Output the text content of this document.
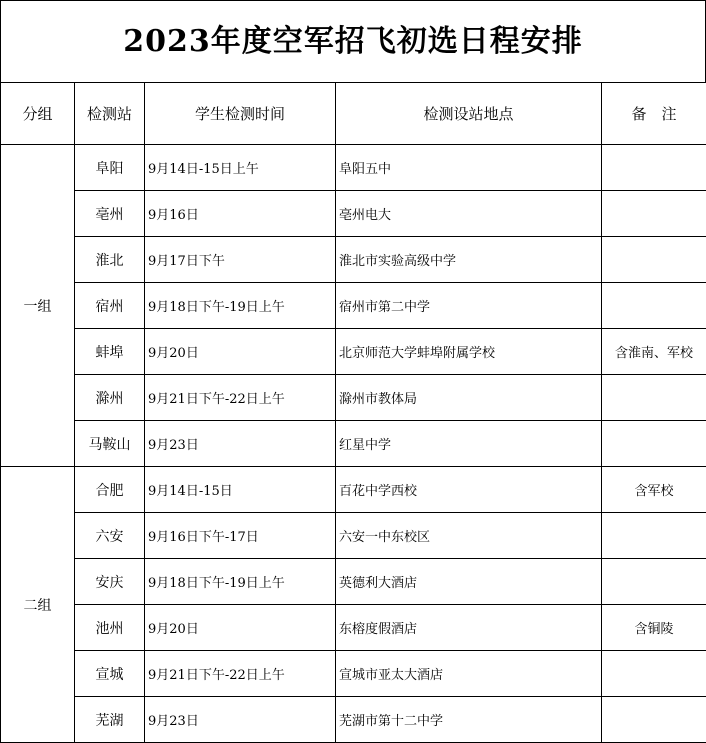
2023年度空军招飞初选日程安排
分组	检测站	学生检测时间	检测设站地点	备　注
一组	阜阳	9月14日-15日上午	阜阳五中	
	亳州	9月16日	亳州电大	
	淮北	9月17日下午	淮北市实验高级中学	
	宿州	9月18日下午-19日上午	宿州市第二中学	
	蚌埠	9月20日	北京师范大学蚌埠附属学校	含淮南、军校
	滁州	9月21日下午-22日上午	滁州市教体局	
	马鞍山	9月23日	红星中学	
二组	合肥	9月14日-15日	百花中学西校	含军校
	六安	9月16日下午-17日	六安一中东校区	
	安庆	9月18日下午-19日上午	英德利大酒店	
	池州	9月20日	东榕度假酒店	含铜陵
	宣城	9月21日下午-22日上午	宣城市亚太大酒店	
	芜湖	9月23日	芜湖市第十二中学	
